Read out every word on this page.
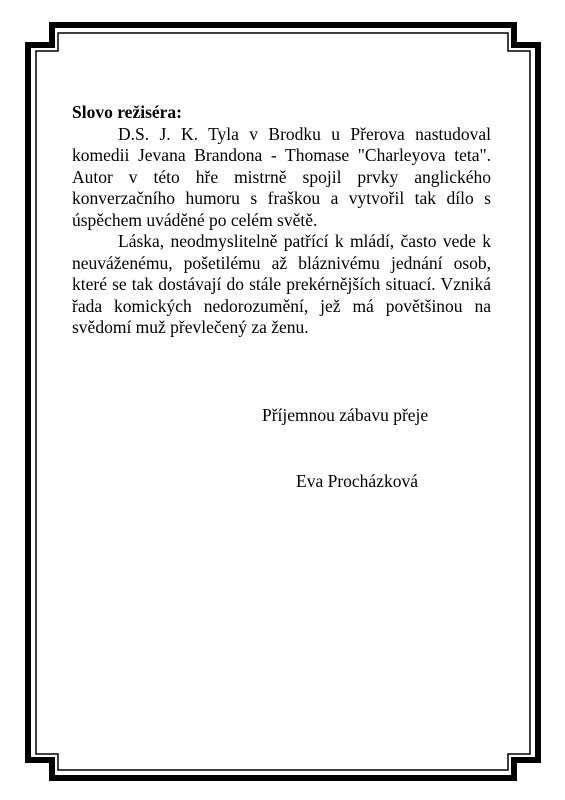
Slovo režiséra:

D.S. J. K. Tyla v Brodku u Přerova nastudoval komedii Jevana Brandona - Thomase "Charleyova teta". Autor v této hře mistrně spojil prvky anglického konverzačního humoru s fraškou a vytvořil tak dílo s úspěchem uváděné po celém světě.

Láska, neodmyslitelně patřící k mládí, často vede k neuváženému, pošetilému až bláznivému jednání osob, které se tak dostávají do stále prekérnějších situací. Vzniká řada komických nedorozumění, jež má povětšinou na svědomí muž převlečený za ženu.

Příjemnou zábavu přeje
Eva Procházková
